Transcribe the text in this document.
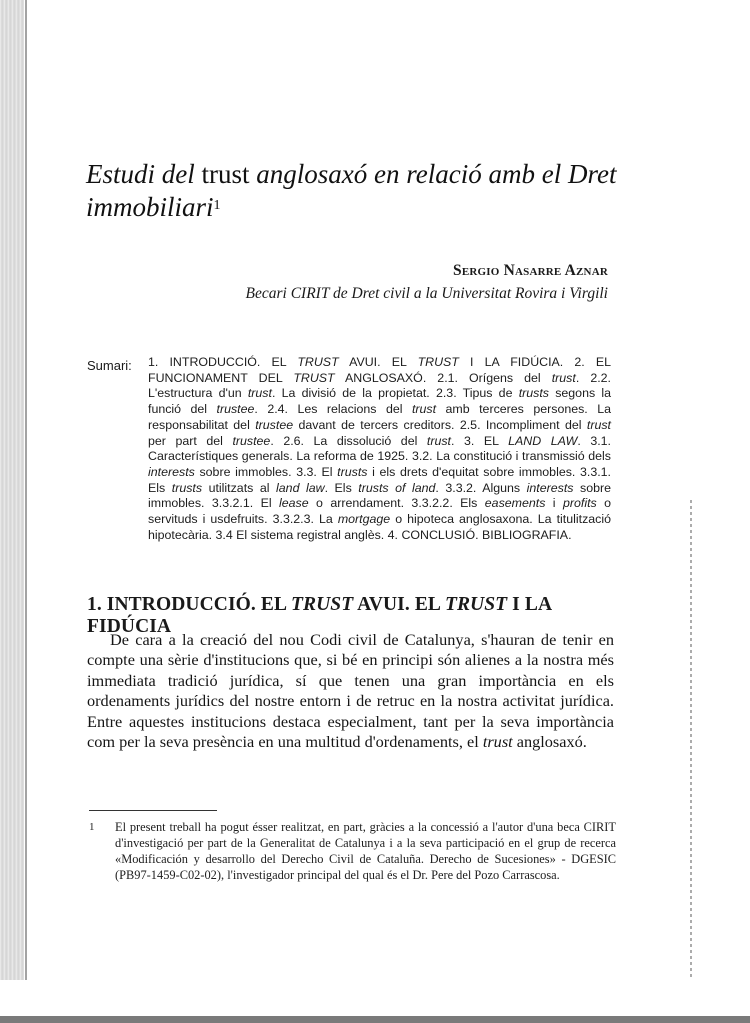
Estudi del trust anglosaxó en relació amb el Dret immobiliari$^1$
Sergio Nasarre Aznar
Becari CIRIT de Dret civil a la Universitat Rovira i Virgili
Sumari: 1. INTRODUCCIÓ. EL TRUST AVUI. EL TRUST I LA FIDÚCIA. 2. EL FUNCIONAMENT DEL TRUST ANGLOSAXÓ. 2.1. Orígens del trust. 2.2. L'estructura d'un trust. La divisió de la propietat. 2.3. Tipus de trusts segons la funció del trustee. 2.4. Les relacions del trust amb terceres persones. La responsabilitat del trustee davant de tercers creditors. 2.5. Incompliment del trust per part del trustee. 2.6. La dissolució del trust. 3. EL LAND LAW. 3.1. Característiques generals. La reforma de 1925. 3.2. La constitució i transmissió dels interests sobre immobles. 3.3. El trusts i els drets d'equitat sobre immobles. 3.3.1. Els trusts utilitzats al land law. Els trusts of land. 3.3.2. Alguns interests sobre immobles. 3.3.2.1. El lease o arrendament. 3.3.2.2. Els easements i profits o servituds i usdefruits. 3.3.2.3. La mortgage o hipoteca anglosaxona. La titulització hipotecària. 3.4 El sistema registral anglès. 4. CONCLUSIÓ. BIBLIOGRAFIA.
1. INTRODUCCIÓ. EL TRUST AVUI. EL TRUST I LA FIDÚCIA

De cara a la creació del nou Codi civil de Catalunya, s'hauran de tenir en compte una sèrie d'institucions que, si bé en principi són alienes a la nostra més immediata tradició jurídica, sí que tenen una gran importància en els ordenaments jurídics del nostre entorn i de retruc en la nostra activitat jurídica. Entre aquestes institucions destaca especialment, tant per la seva importància com per la seva presència en una multitud d'ordenaments, el trust anglosaxó.

1 El present treball ha pogut ésser realitzat, en part, gràcies a la concessió a l'autor d'una beca CIRIT d'investigació per part de la Generalitat de Catalunya i a la seva participació en el grup de recerca «Modificación y desarrollo del Derecho Civil de Cataluña. Derecho de Sucesiones» - DGESIC (PB97-1459-C02-02), l'investigador principal del qual és el Dr. Pere del Pozo Carrascosa.
